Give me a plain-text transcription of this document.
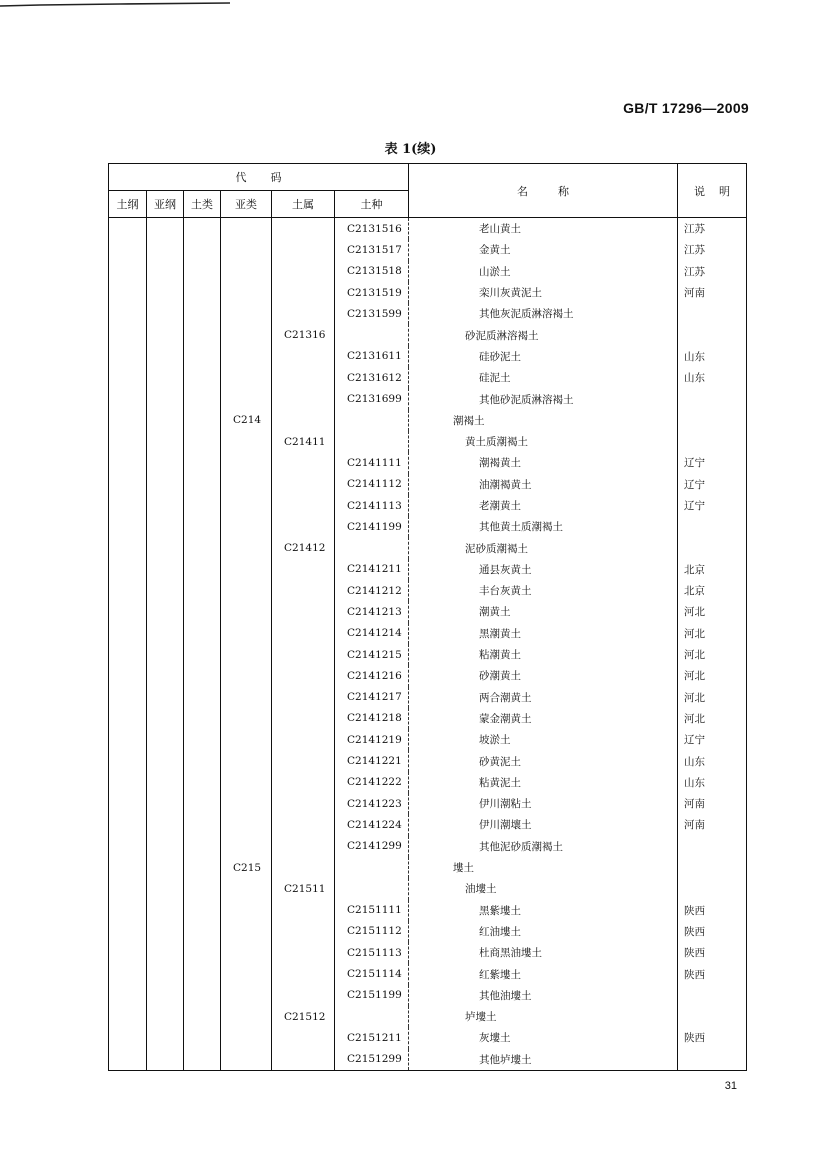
GB/T 17296—2009
表 1(续)
代码						名称	说明
土纲	亚纲	土类	亚类	土属	土种		
					C2131516	老山黄土	江苏
					C2131517	金黄土	江苏
					C2131518	山淤土	江苏
					C2131519	栾川灰黄泥土	河南
					C2131599	其他灰泥质淋溶褐土	
				C21316		砂泥质淋溶褐土	
					C2131611	硅砂泥土	山东
					C2131612	硅泥土	山东
					C2131699	其他砂泥质淋溶褐土	
			C214			潮褐土	
				C21411		黄土质潮褐土	
					C2141111	潮褐黄土	辽宁
					C2141112	油潮褐黄土	辽宁
					C2141113	老潮黄土	辽宁
					C2141199	其他黄土质潮褐土	
				C21412		泥砂质潮褐土	
					C2141211	通县灰黄土	北京
					C2141212	丰台灰黄土	北京
					C2141213	潮黄土	河北
					C2141214	黑潮黄土	河北
					C2141215	粘潮黄土	河北
					C2141216	砂潮黄土	河北
					C2141217	两合潮黄土	河北
					C2141218	蒙金潮黄土	河北
					C2141219	坡淤土	辽宁
					C2141221	砂黄泥土	山东
					C2141222	粘黄泥土	山东
					C2141223	伊川潮粘土	河南
					C2141224	伊川潮壤土	河南
					C2141299	其他泥砂质潮褐土	
			C215			塿土	
				C21511		油塿土	
					C2151111	黑紫塿土	陕西
					C2151112	红油塿土	陕西
					C2151113	杜商黑油塿土	陕西
					C2151114	红紫塿土	陕西
					C2151199	其他油塿土	
				C21512		垆塿土	
					C2151211	灰塿土	陕西
					C2151299	其他垆塿土	
31
